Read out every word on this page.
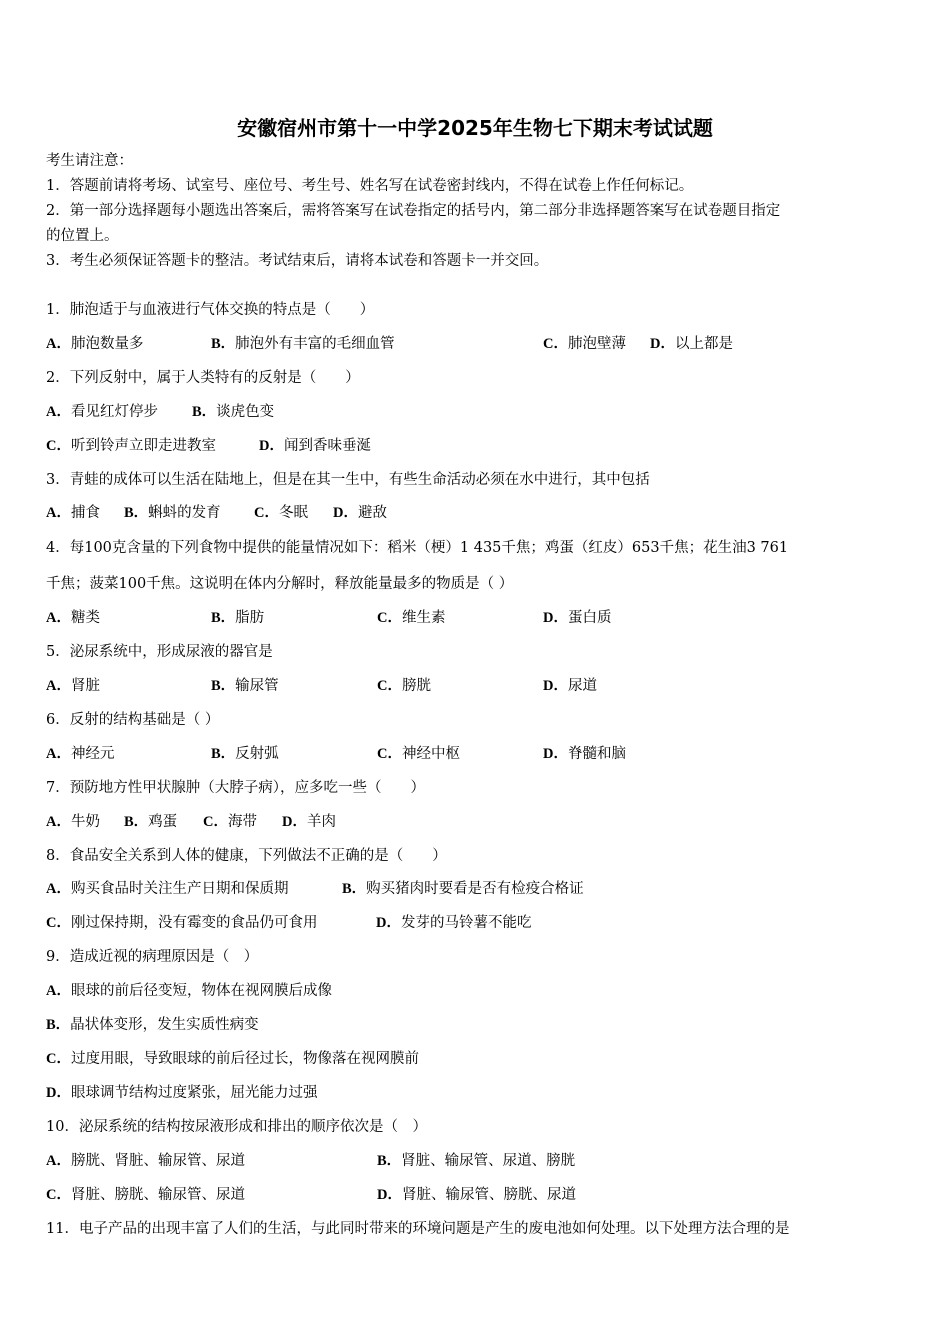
安徽宿州市第十一中学2025年生物七下期末考试试题
考生请注意：
1．答题前请将考场、试室号、座位号、考生号、姓名写在试卷密封线内，不得在试卷上作任何标记。
2．第一部分选择题每小题选出答案后，需将答案写在试卷指定的括号内，第二部分非选择题答案写在试卷题目指定
的位置上。
3．考生必须保证答题卡的整洁。考试结束后，请将本试卷和答题卡一并交回。
1．肺泡适于与血液进行气体交换的特点是（　　）
A．肺泡数量多	B．肺泡外有丰富的毛细血管	C．肺泡壁薄 D．以上都是
2．下列反射中，属于人类特有的反射是（　　）
A．看见红灯停步 B．谈虎色变
C．听到铃声立即走进教室	D．闻到香味垂涎
3．青蛙的成体可以生活在陆地上，但是在其一生中，有些生命活动必须在水中进行，其中包括
A．捕食 B．蝌蚪的发育 C．冬眠 D．避敌
4．每100克含量的下列食物中提供的能量情况如下：稻米（梗）1 435千焦；鸡蛋（红皮）653千焦；花生油3 761
千焦；菠菜100千焦。这说明在体内分解时，释放能量最多的物质是（ ）
A．糖类	B．脂肪	C．维生素	D．蛋白质
5．泌尿系统中，形成尿液的器官是
A．肾脏	B．输尿管	C．膀胱	D．尿道
6．反射的结构基础是（ ）
A．神经元	B．反射弧	C．神经中枢	D．脊髓和脑
7．预防地方性甲状腺肿（大脖子病），应多吃一些（　　）
A．牛奶 B．鸡蛋 C．海带 D．羊肉
8．食品安全关系到人体的健康，下列做法不正确的是（　　）
A．购买食品时关注生产日期和保质期	B．购买猪肉时要看是否有检疫合格证
C．刚过保持期，没有霉变的食品仍可食用	D．发芽的马铃薯不能吃
9．造成近视的病理原因是（　）
A．眼球的前后径变短，物体在视网膜后成像
B．晶状体变形，发生实质性病变
C．过度用眼，导致眼球的前后径过长，物像落在视网膜前
D．眼球调节结构过度紧张，屈光能力过强
10．泌尿系统的结构按尿液形成和排出的顺序依次是（　）
A．膀胱、肾脏、输尿管、尿道	B．肾脏、输尿管、尿道、膀胱
C．肾脏、膀胱、输尿管、尿道	D．肾脏、输尿管、膀胱、尿道
11．电子产品的出现丰富了人们的生活，与此同时带来的环境问题是产生的废电池如何处理。以下处理方法合理的是
